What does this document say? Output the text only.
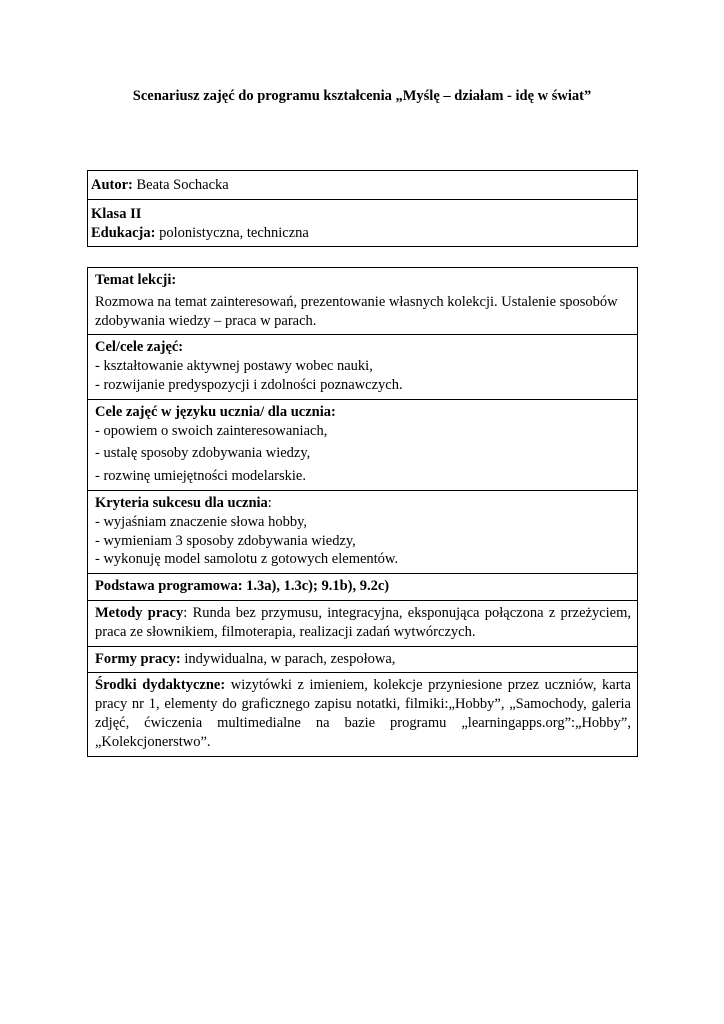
Scenariusz zajęć do programu kształcenia „Myślę – działam - idę w świat”
Autor: Beata Sochacka
Klasa II
Edukacja: polonistyczna, techniczna
Temat lekcji:
Rozmowa na temat zainteresowań, prezentowanie własnych kolekcji. Ustalenie sposobów zdobywania wiedzy – praca w parach.
Cel/cele zajęć:
- kształtowanie aktywnej postawy wobec nauki,
- rozwijanie predyspozycji i zdolności poznawczych.
Cele zajęć w języku ucznia/ dla ucznia:
- opowiem o swoich zainteresowaniach,
- ustalę sposoby zdobywania wiedzy,
- rozwinę umiejętności modelarskie.
Kryteria sukcesu dla ucznia:
- wyjaśniam znaczenie słowa hobby,
- wymieniam 3 sposoby zdobywania wiedzy,
- wykonuję model samolotu z gotowych elementów.
Podstawa programowa: 1.3a), 1.3c); 9.1b), 9.2c)
Metody pracy: Runda bez przymusu, integracyjna, eksponująca połączona z przeżyciem, praca ze słownikiem, filmoterapia, realizacji zadań wytwórczych.
Formy pracy: indywidualna, w parach, zespołowa,
Środki dydaktyczne: wizytówki z imieniem, kolekcje przyniesione przez uczniów, karta pracy nr 1, elementy do graficznego zapisu notatki, filmiki:„Hobby”, „Samochody, galeria zdjęć, ćwiczenia multimedialne na bazie programu „learningapps.org”:„Hobby”, „Kolekcjonerstwo”.
